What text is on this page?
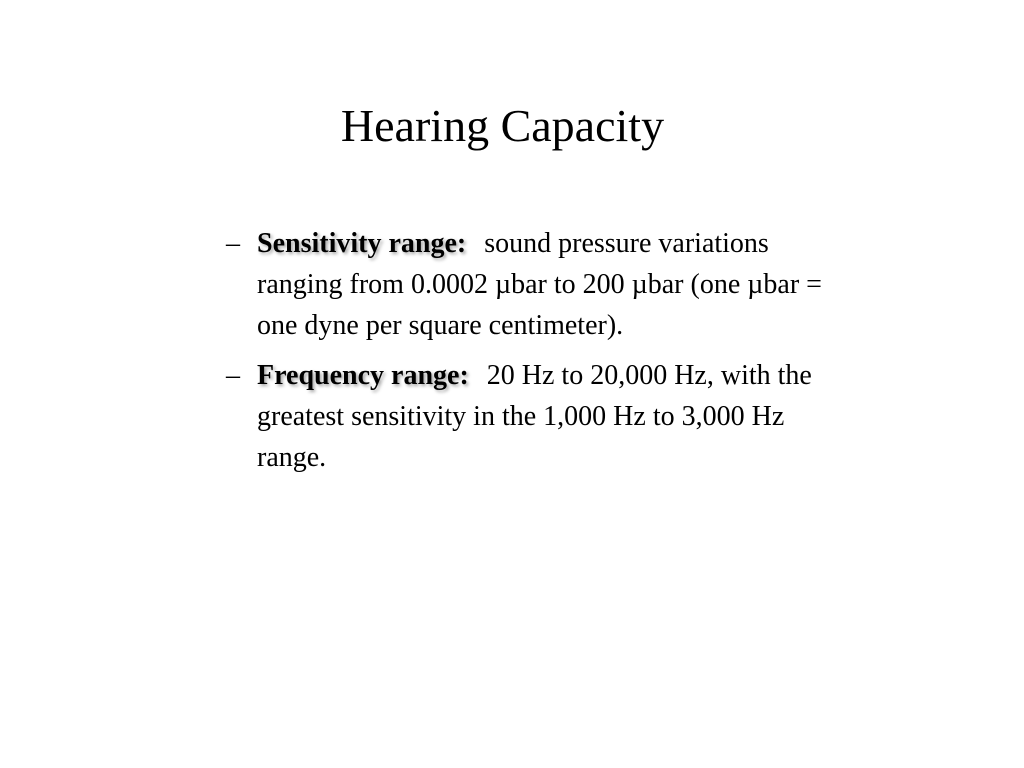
Hearing Capacity
– Sensitivity range: sound pressure variations ranging from 0.0002 µbar to 200 µbar (one µbar = one dyne per square centimeter).
– Frequency range: 20 Hz to 20,000 Hz, with the greatest sensitivity in the 1,000 Hz to 3,000 Hz range.
